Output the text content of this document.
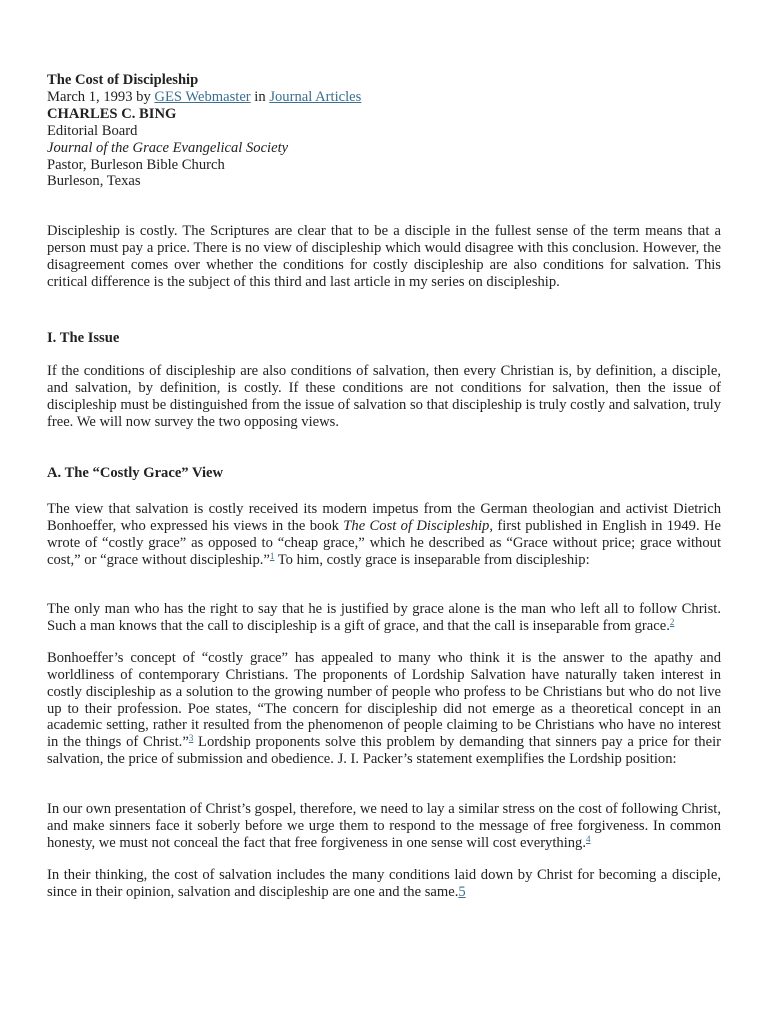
The Cost of Discipleship

March 1, 1993 by GES Webmaster in Journal Articles

CHARLES C. BING

Editorial Board

Journal of the Grace Evangelical Society

Pastor, Burleson Bible Church

Burleson, Texas

Discipleship is costly. The Scriptures are clear that to be a disciple in the fullest sense of the term means that a person must pay a price. There is no view of discipleship which would disagree with this conclusion. However, the disagreement comes over whether the conditions for costly discipleship are also conditions for salvation. This critical difference is the subject of this third and last article in my series on discipleship.

I. The Issue

If the conditions of discipleship are also conditions of salvation, then every Christian is, by definition, a disciple, and salvation, by definition, is costly. If these conditions are not conditions for salvation, then the issue of discipleship must be distinguished from the issue of salvation so that discipleship is truly costly and salvation, truly free. We will now survey the two opposing views.

A. The “Costly Grace” View

The view that salvation is costly received its modern impetus from the German theologian and activist Dietrich Bonhoeffer, who expressed his views in the book The Cost of Discipleship, first published in English in 1949. He wrote of “costly grace” as opposed to “cheap grace,” which he described as “Grace without price; grace without cost,” or “grace without discipleship.”$^1$ To him, costly grace is inseparable from discipleship:

The only man who has the right to say that he is justified by grace alone is the man who left all to follow Christ. Such a man knows that the call to discipleship is a gift of grace, and that the call is inseparable from grace.$^2$

Bonhoeffer’s concept of “costly grace” has appealed to many who think it is the answer to the apathy and worldliness of contemporary Christians. The proponents of Lordship Salvation have naturally taken interest in costly discipleship as a solution to the growing number of people who profess to be Christians but who do not live up to their profession. Poe states, “The concern for discipleship did not emerge as a theoretical concept in an academic setting, rather it resulted from the phenomenon of people claiming to be Christians who have no interest in the things of Christ.”$^3$ Lordship proponents solve this problem by demanding that sinners pay a price for their salvation, the price of submission and obedience. J. I. Packer’s statement exemplifies the Lordship position:

In our own presentation of Christ’s gospel, therefore, we need to lay a similar stress on the cost of following Christ, and make sinners face it soberly before we urge them to respond to the message of free forgiveness. In common honesty, we must not conceal the fact that free forgiveness in one sense will cost everything.$^4$

In their thinking, the cost of salvation includes the many conditions laid down by Christ for becoming a disciple, since in their opinion, salvation and discipleship are one and the same.5
